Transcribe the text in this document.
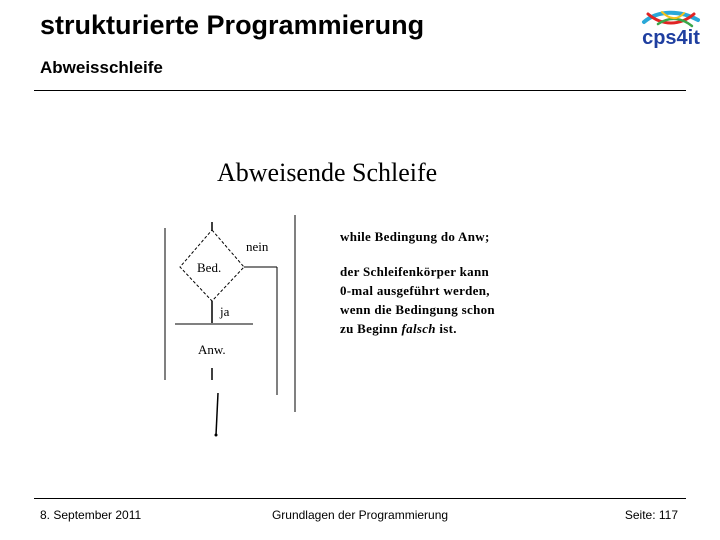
strukturierte Programmierung
Abweisschleife
cps4it
Abweisende Schleife
Bed.
nein
ja
Anw.
while Bedingung do Anw;
der Schleifenkörper kann
0-mal ausgeführt werden,
wenn die Bedingung schon
zu Beginn falsch ist.
8. September 2011	Grundlagen der Programmierung	Seite: 117
